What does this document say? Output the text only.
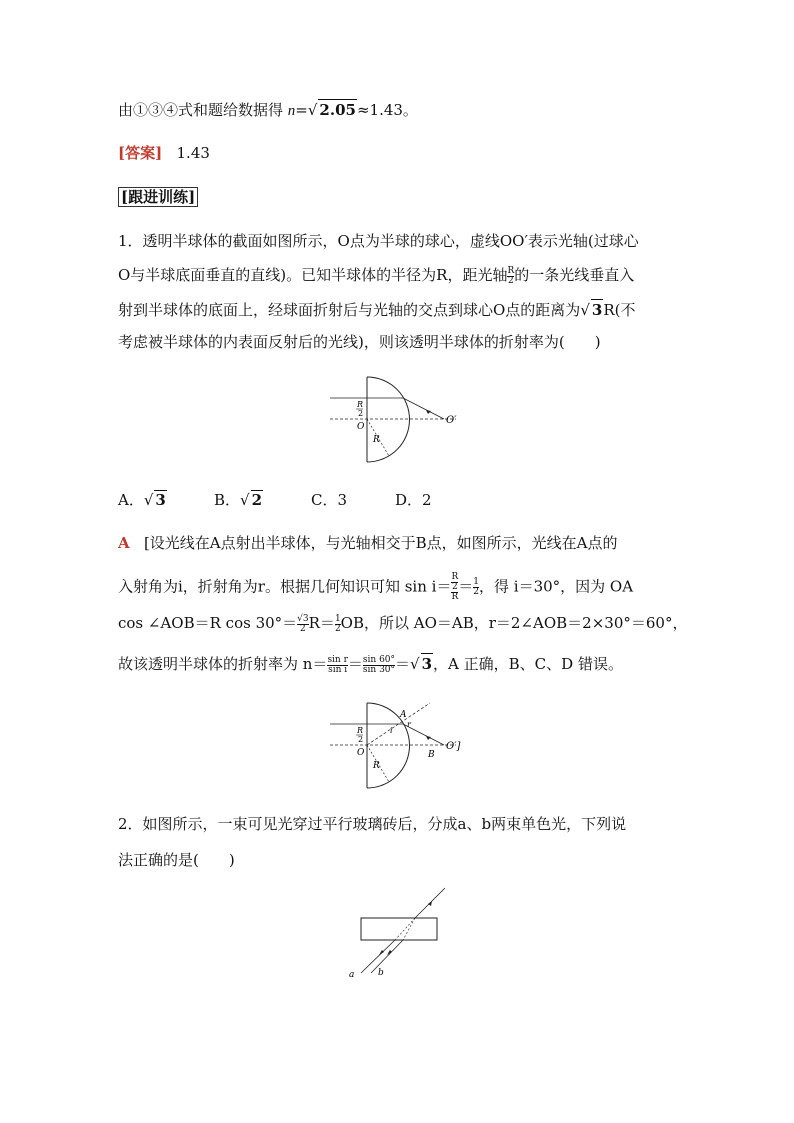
由①③④式和题给数据得 n=√ 2.05≈1.43。
[答案] 1.43
[跟进训练]
1．透明半球体的截面如图所示，O点为半球的球心，虚线OO′表示光轴(过球心
O与半球底面垂直的直线)。已知半球体的半径为R，距光轴 $\frac{R}{2}$ 的一条光线垂直入
射到半球体的底面上，经球面折射后与光轴的交点到球心O点的距离为√ 3R(不
考虑被半球体的内表面反射后的光线)，则该透明半球体的折射率为(　　)
R
2
O
R
O′
A．√ 3	B．√ 2	C．3	D．2
A [设光线在A点射出半球体，与光轴相交于B点，如图所示，光线在A点的
入射角为i，折射角为r。根据几何知识可知 sin i＝ R
2
$R = \frac{1}{2}$ ，得 i＝30°，因为 OA
cos ∠AOB＝R $\cos 30^\circ= \frac{√3}{2} R= \frac{1}{2}$ OB，所以 AO＝AB，r＝2∠AOB＝2×30°＝60°，
故该透明半球体的折射率为 $n= \frac{\text{sin r}}{\text{sin i}} = \frac{\sin 60^\circ}{\sin 30^\circ}$ ＝√ 3，A 正确，B、C、D 错误。
A
r
i
R
2
O	B
R
O′]
2．如图所示，一束可见光穿过平行玻璃砖后，分成a、b两束单色光，下列说
法正确的是(　　)
a	b
